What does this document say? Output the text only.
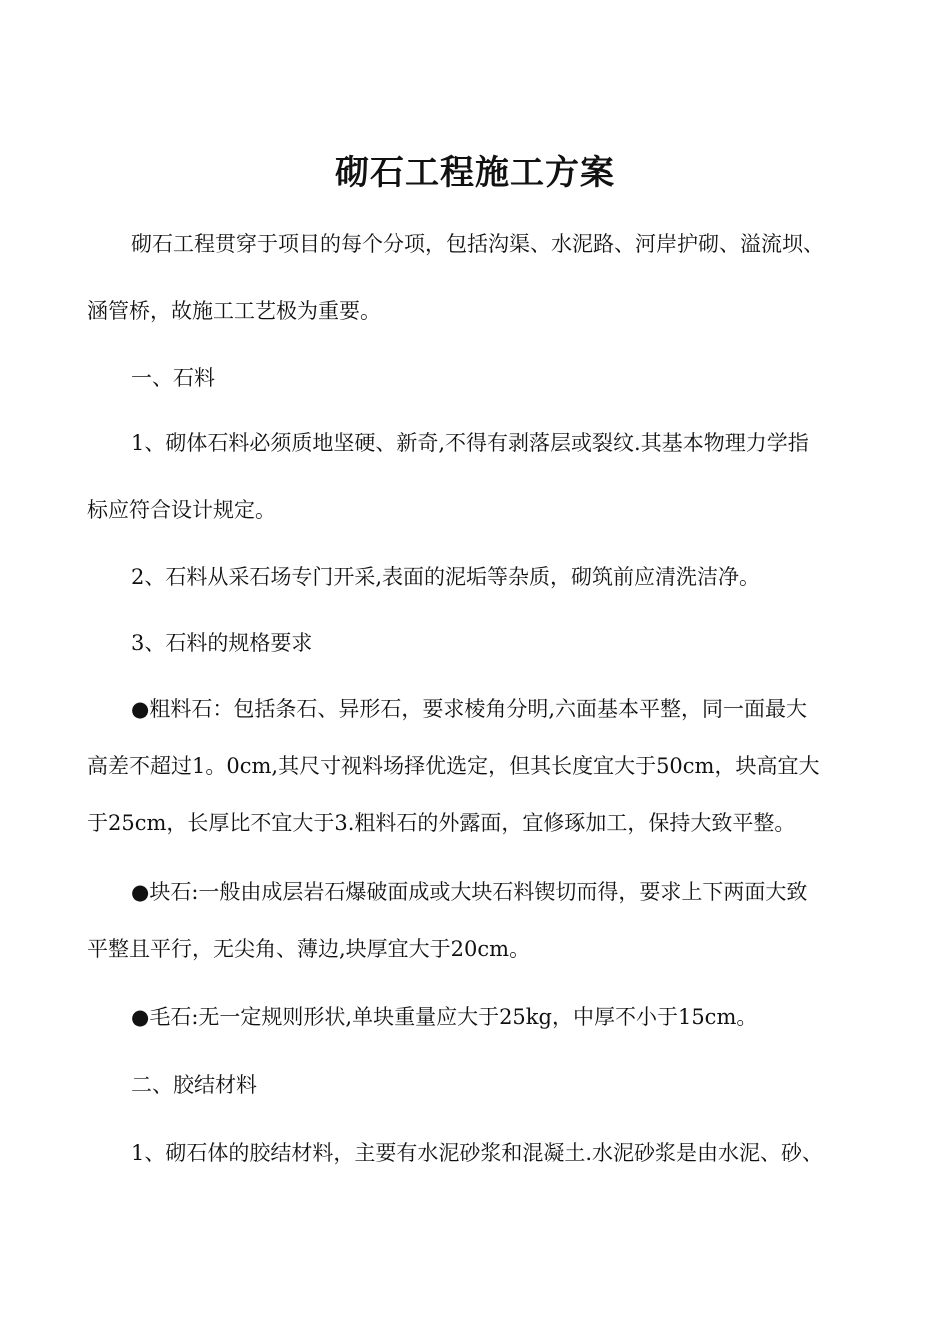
砌石工程施工方案

砌石工程贯穿于项目的每个分项，包括沟渠、水泥路、河岸护砌、溢流坝、

涵管桥，故施工工艺极为重要。

一、石料

1、砌体石料必须质地坚硬、新奇,不得有剥落层或裂纹.其基本物理力学指

标应符合设计规定。

2、石料从采石场专门开采,表面的泥垢等杂质，砌筑前应清洗洁净。

3、石料的规格要求

●粗料石：包括条石、异形石，要求棱角分明,六面基本平整，同一面最大

高差不超过1。0cm,其尺寸视料场择优选定，但其长度宜大于50cm，块高宜大

于25cm，长厚比不宜大于3.粗料石的外露面，宜修琢加工，保持大致平整。

●块石:一般由成层岩石爆破面成或大块石料锲切而得，要求上下两面大致

平整且平行，无尖角、薄边,块厚宜大于20cm。

●毛石:无一定规则形状,单块重量应大于25kg，中厚不小于15cm。

二、胶结材料

1、砌石体的胶结材料，主要有水泥砂浆和混凝土.水泥砂浆是由水泥、砂、
